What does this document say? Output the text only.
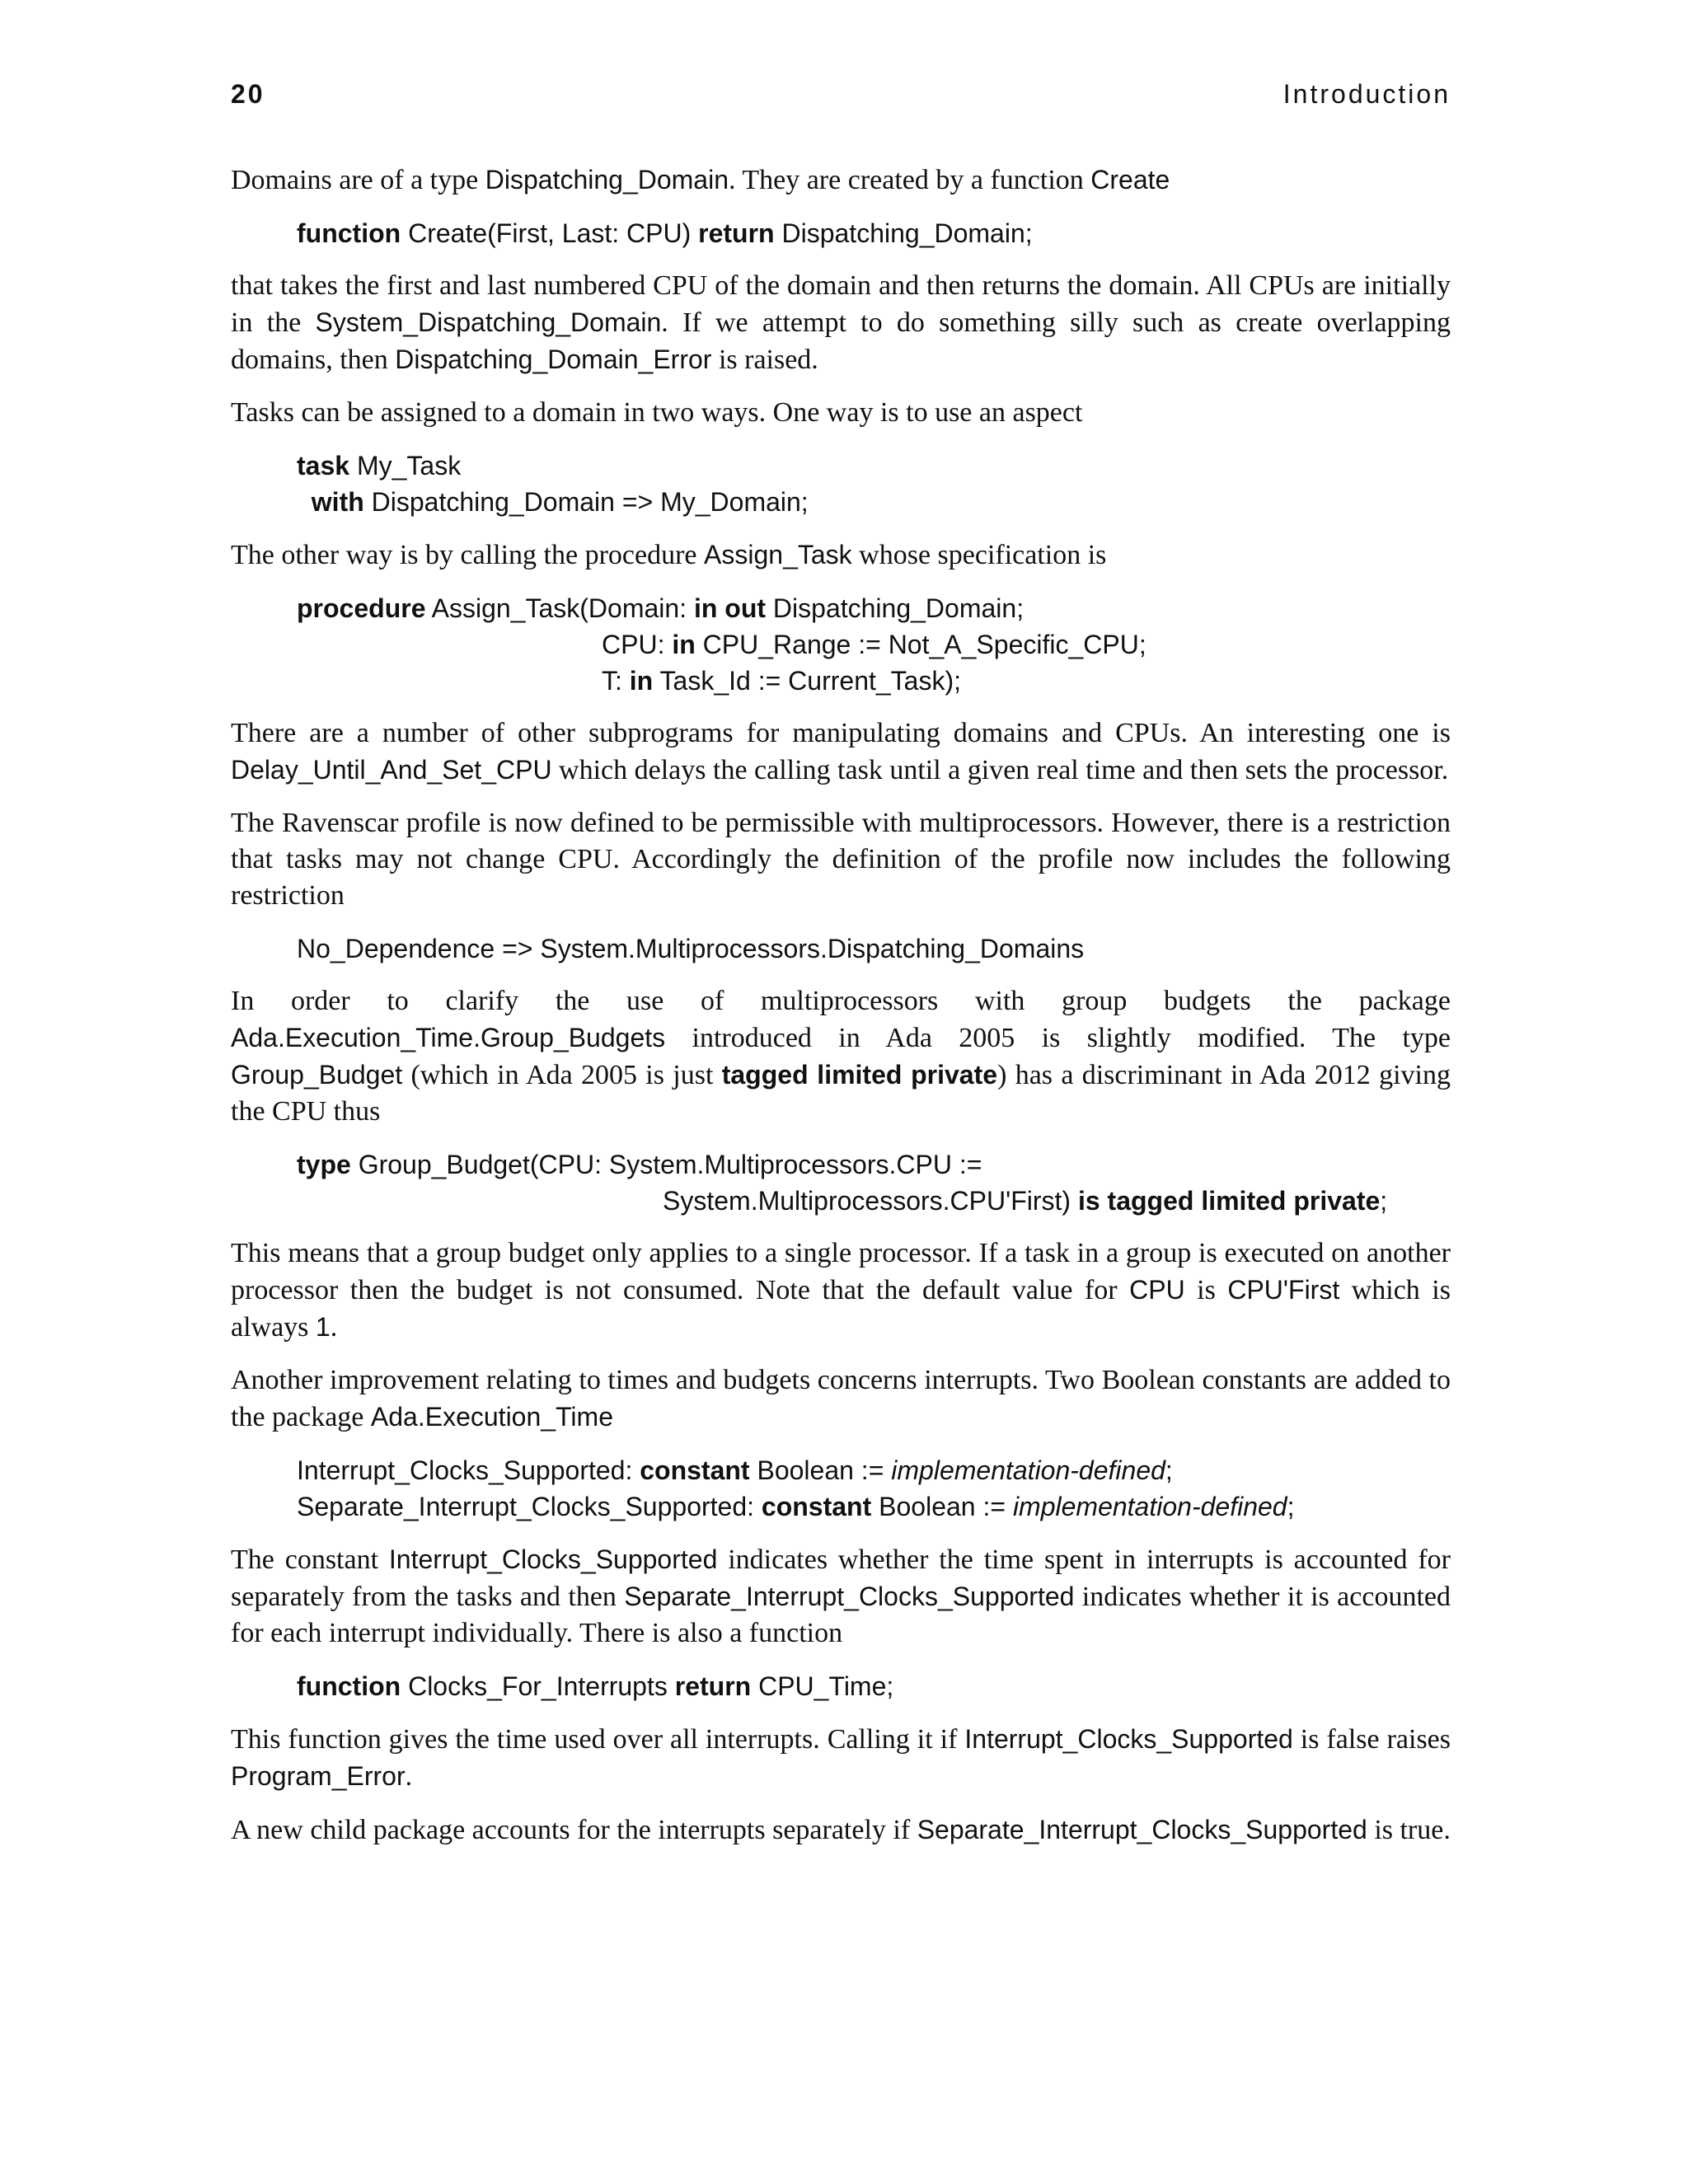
20	Introduction

Domains are of a type Dispatching_Domain. They are created by a function Create

function Create(First, Last: CPU) return Dispatching_Domain;

that takes the first and last numbered CPU of the domain and then returns the domain. All CPUs are initially in the System_Dispatching_Domain. If we attempt to do something silly such as create overlapping domains, then Dispatching_Domain_Error is raised.

Tasks can be assigned to a domain in two ways. One way is to use an aspect

task My_Task
with Dispatching_Domain => My_Domain;

The other way is by calling the procedure Assign_Task whose specification is

procedure Assign_Task(Domain: in out Dispatching_Domain;
CPU: in CPU_Range := Not_A_Specific_CPU;
T: in Task_Id := Current_Task);

There are a number of other subprograms for manipulating domains and CPUs. An interesting one is Delay_Until_And_Set_CPU which delays the calling task until a given real time and then sets the processor.

The Ravenscar profile is now defined to be permissible with multiprocessors. However, there is a restriction that tasks may not change CPU. Accordingly the definition of the profile now includes the following restriction

No_Dependence => System.Multiprocessors.Dispatching_Domains

In order to clarify the use of multiprocessors with group budgets the package Ada.Execution_Time.Group_Budgets introduced in Ada 2005 is slightly modified. The type Group_Budget (which in Ada 2005 is just tagged limited private) has a discriminant in Ada 2012 giving the CPU thus

type Group_Budget(CPU: System.Multiprocessors.CPU :=
System.Multiprocessors.CPU'First) is tagged limited private;

This means that a group budget only applies to a single processor. If a task in a group is executed on another processor then the budget is not consumed. Note that the default value for CPU is CPU'First which is always 1.

Another improvement relating to times and budgets concerns interrupts. Two Boolean constants are added to the package Ada.Execution_Time

Interrupt_Clocks_Supported: constant Boolean := implementation-defined;
Separate_Interrupt_Clocks_Supported: constant Boolean := implementation-defined;

The constant Interrupt_Clocks_Supported indicates whether the time spent in interrupts is accounted for separately from the tasks and then Separate_Interrupt_Clocks_Supported indicates whether it is accounted for each interrupt individually. There is also a function

function Clocks_For_Interrupts return CPU_Time;

This function gives the time used over all interrupts. Calling it if Interrupt_Clocks_Supported is false raises Program_Error.

A new child package accounts for the interrupts separately if Separate_Interrupt_Clocks_Supported is true.
